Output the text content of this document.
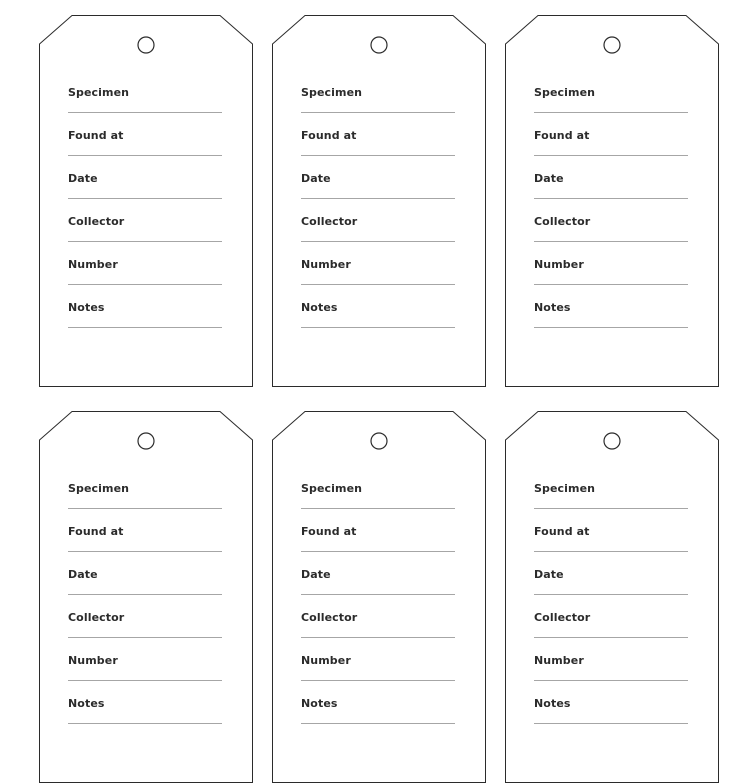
Specimen
Found at
Date
Collector
Number
Notes
Specimen
Found at
Date
Collector
Number
Notes
Specimen
Found at
Date
Collector
Number
Notes
Specimen
Found at
Date
Collector
Number
Notes
Specimen
Found at
Date
Collector
Number
Notes
Specimen
Found at
Date
Collector
Number
Notes
